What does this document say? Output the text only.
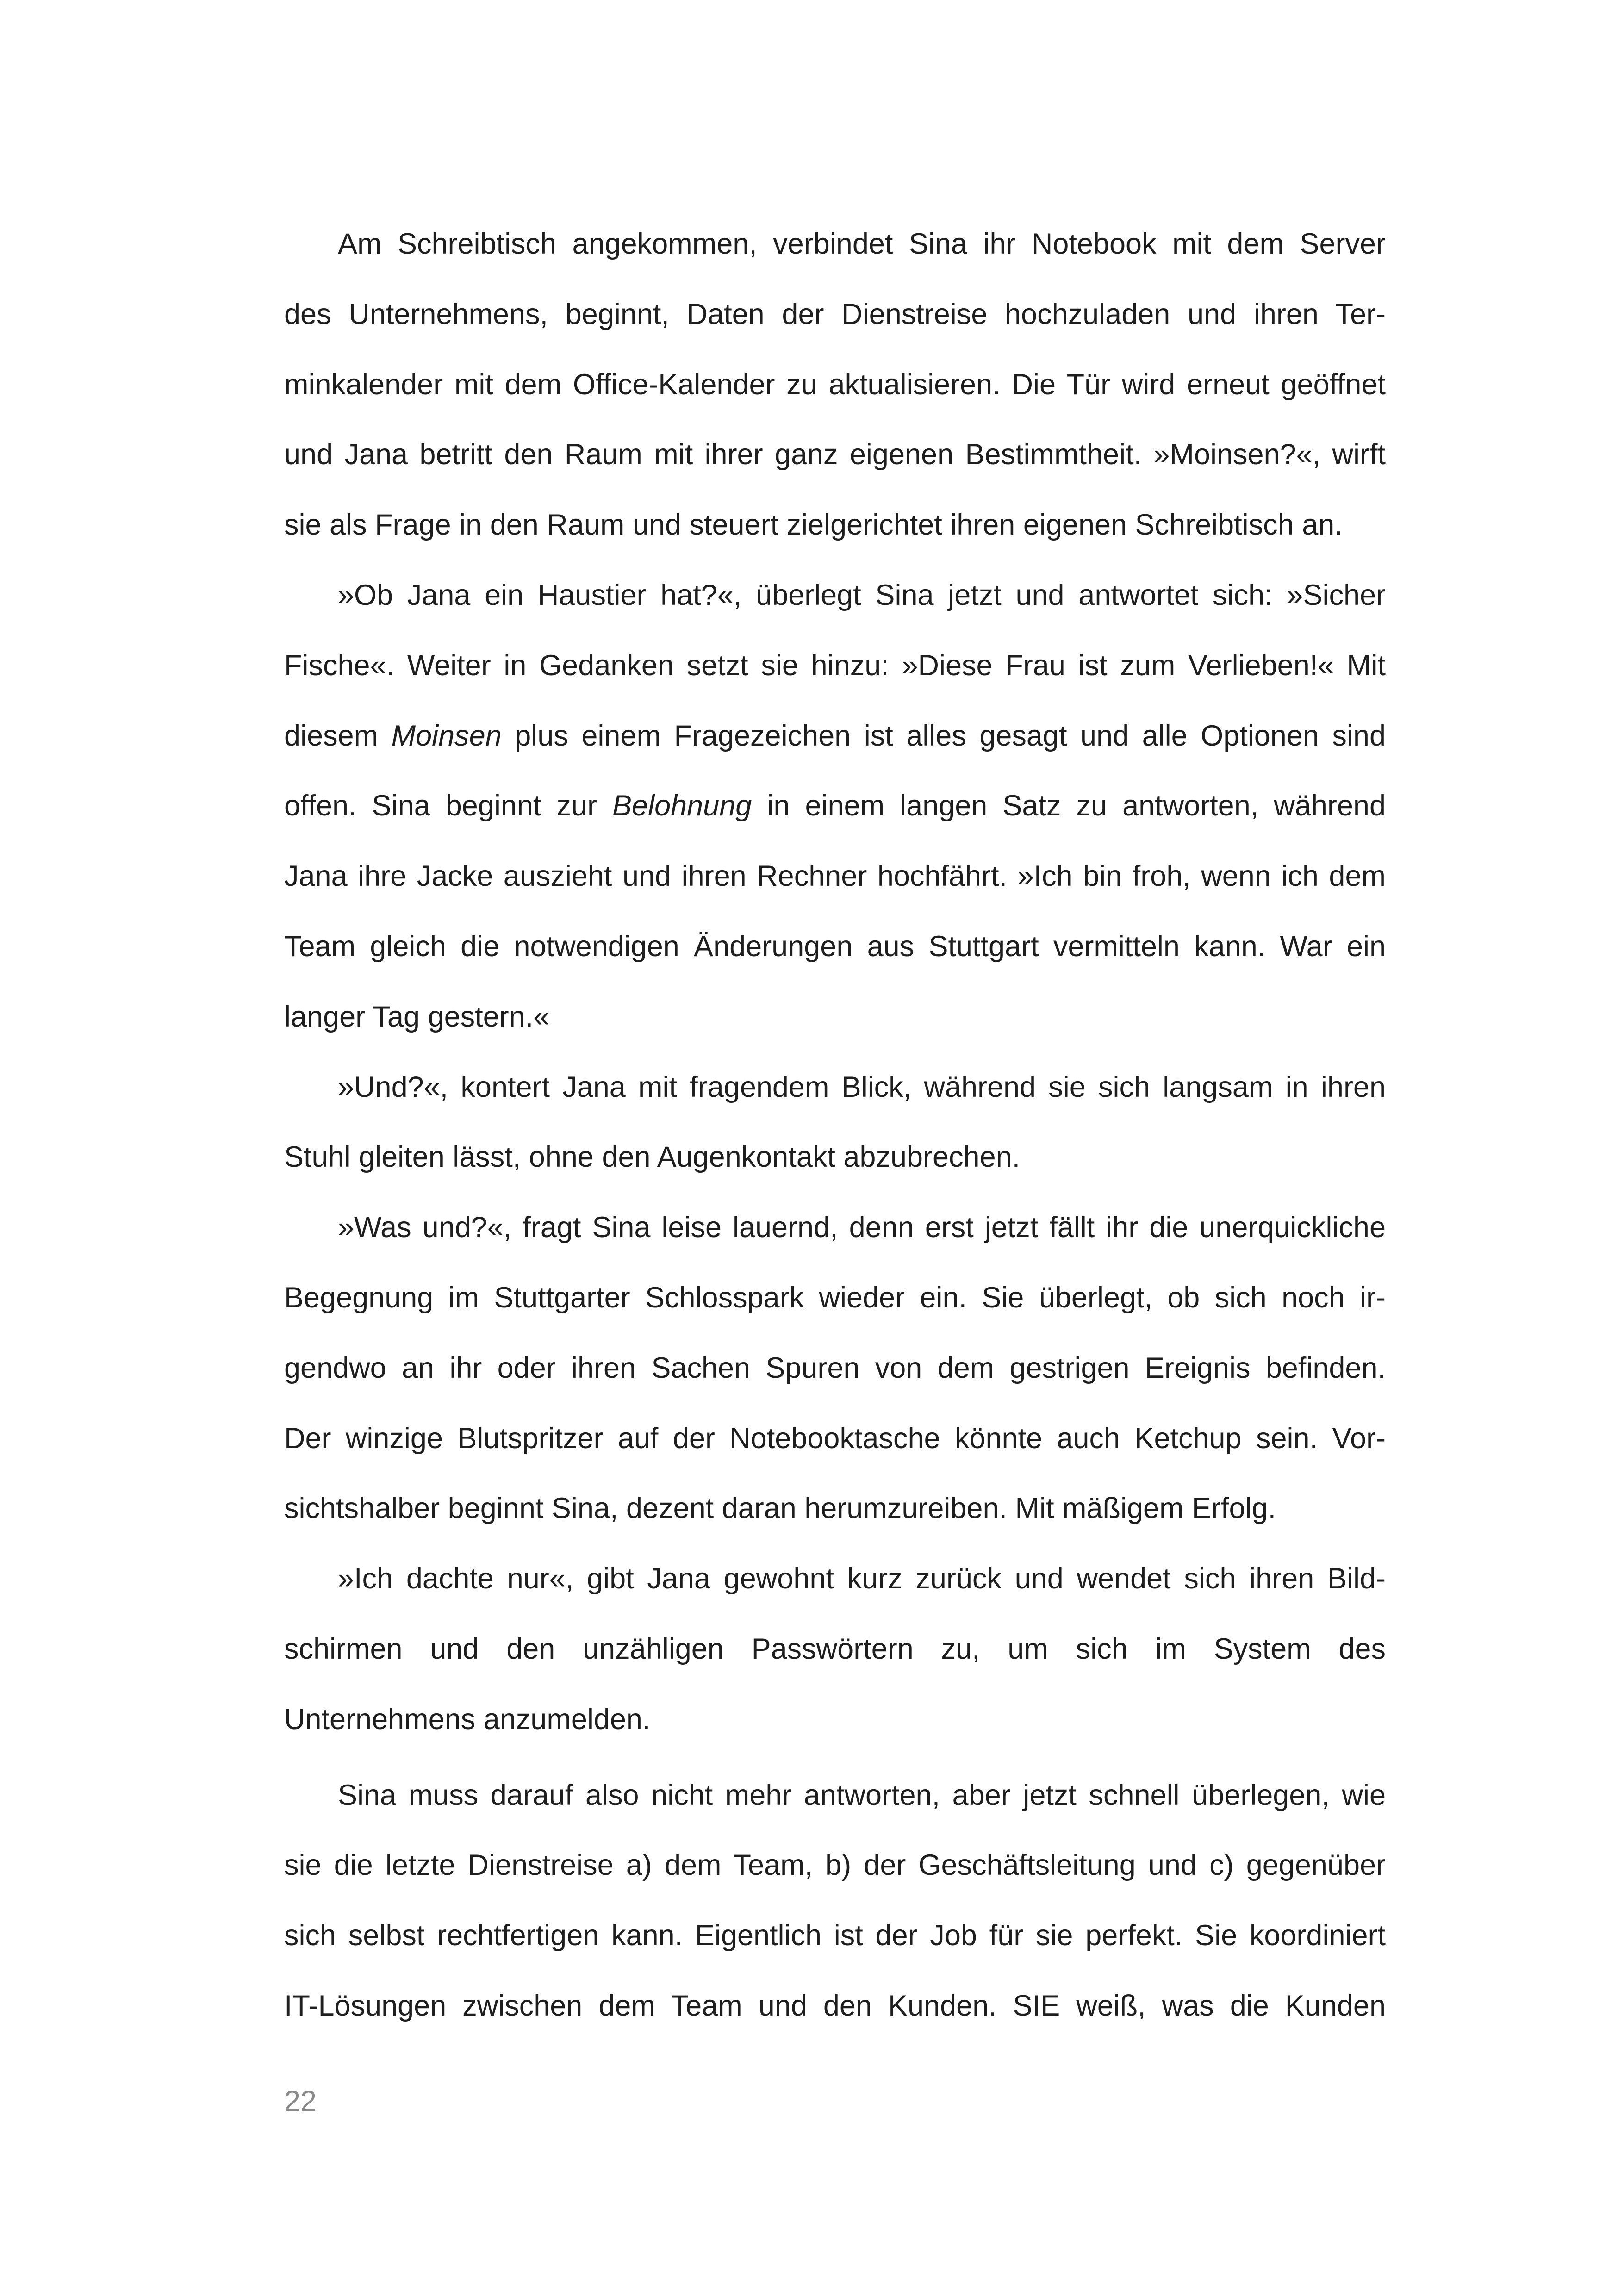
Am Schreibtisch angekommen, verbindet Sina ihr Notebook mit dem Server
des Unternehmens, beginnt, Daten der Dienstreise hochzuladen und ihren Ter-
minkalender mit dem Office-Kalender zu aktualisieren. Die Tür wird erneut geöffnet
und Jana betritt den Raum mit ihrer ganz eigenen Bestimmtheit. »Moinsen?«, wirft
sie als Frage in den Raum und steuert zielgerichtet ihren eigenen Schreibtisch an.
»Ob Jana ein Haustier hat?«, überlegt Sina jetzt und antwortet sich: »Sicher
Fische«. Weiter in Gedanken setzt sie hinzu: »Diese Frau ist zum Verlieben!« Mit
diesem Moinsen plus einem Fragezeichen ist alles gesagt und alle Optionen sind
offen. Sina beginnt zur Belohnung in einem langen Satz zu antworten, während
Jana ihre Jacke auszieht und ihren Rechner hochfährt. »Ich bin froh, wenn ich dem
Team gleich die notwendigen Änderungen aus Stuttgart vermitteln kann. War ein
langer Tag gestern.«
»Und?«, kontert Jana mit fragendem Blick, während sie sich langsam in ihren
Stuhl gleiten lässt, ohne den Augenkontakt abzubrechen.
»Was und?«, fragt Sina leise lauernd, denn erst jetzt fällt ihr die unerquickliche
Begegnung im Stuttgarter Schlosspark wieder ein. Sie überlegt, ob sich noch ir-
gendwo an ihr oder ihren Sachen Spuren von dem gestrigen Ereignis befinden.
Der winzige Blutspritzer auf der Notebooktasche könnte auch Ketchup sein. Vor-
sichtshalber beginnt Sina, dezent daran herumzureiben. Mit mäßigem Erfolg.
»Ich dachte nur«, gibt Jana gewohnt kurz zurück und wendet sich ihren Bild-
schirmen und den unzähligen Passwörtern zu, um sich im System des
Unternehmens anzumelden.
Sina muss darauf also nicht mehr antworten, aber jetzt schnell überlegen, wie
sie die letzte Dienstreise a) dem Team, b) der Geschäftsleitung und c) gegenüber
sich selbst rechtfertigen kann. Eigentlich ist der Job für sie perfekt. Sie koordiniert
IT-Lösungen zwischen dem Team und den Kunden. SIE weiß, was die Kunden
22
